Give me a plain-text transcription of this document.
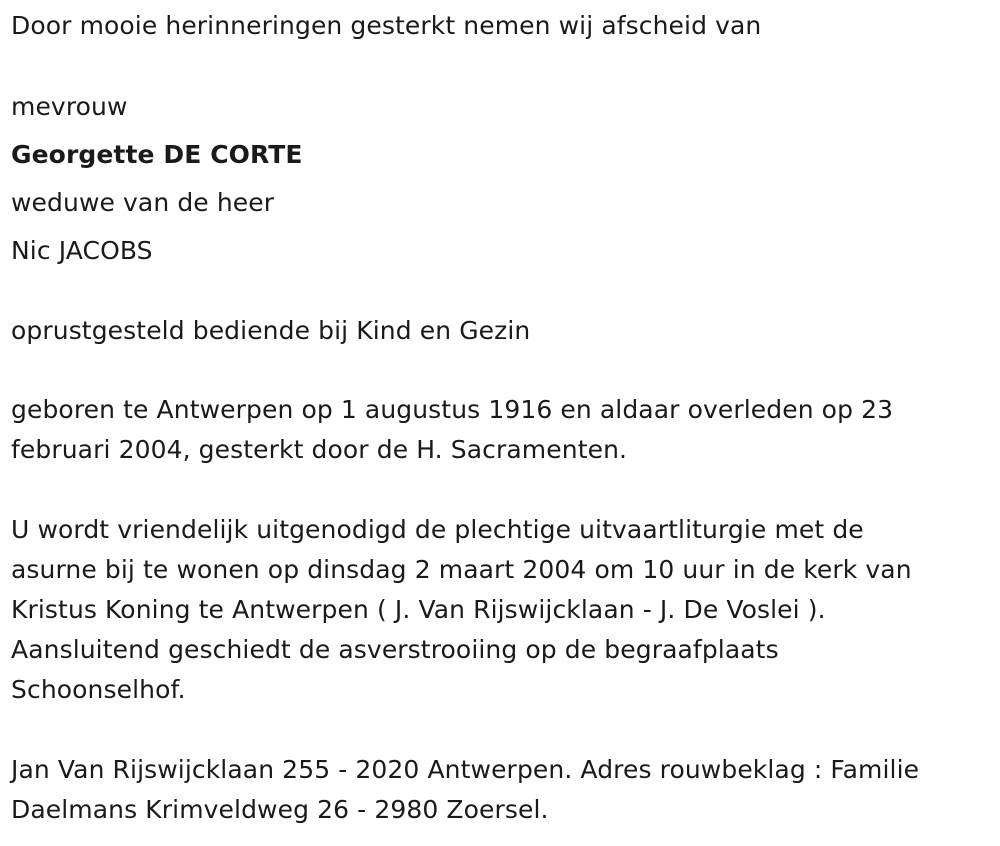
Door mooie herinneringen gesterkt nemen wij afscheid van
mevrouw
Georgette DE CORTE
weduwe van de heer
Nic JACOBS
oprustgesteld bediende bij Kind en Gezin
geboren te Antwerpen op 1 augustus 1916 en aldaar overleden op 23
februari 2004, gesterkt door de H. Sacramenten.
U wordt vriendelijk uitgenodigd de plechtige uitvaartliturgie met de
asurne bij te wonen op dinsdag 2 maart 2004 om 10 uur in de kerk van
Kristus Koning te Antwerpen ( J. Van Rijswijcklaan - J. De Voslei ).
Aansluitend geschiedt de asverstrooiing op de begraafplaats
Schoonselhof.
Jan Van Rijswijcklaan 255 - 2020 Antwerpen. Adres rouwbeklag : Familie
Daelmans Krimveldweg 26 - 2980 Zoersel.
